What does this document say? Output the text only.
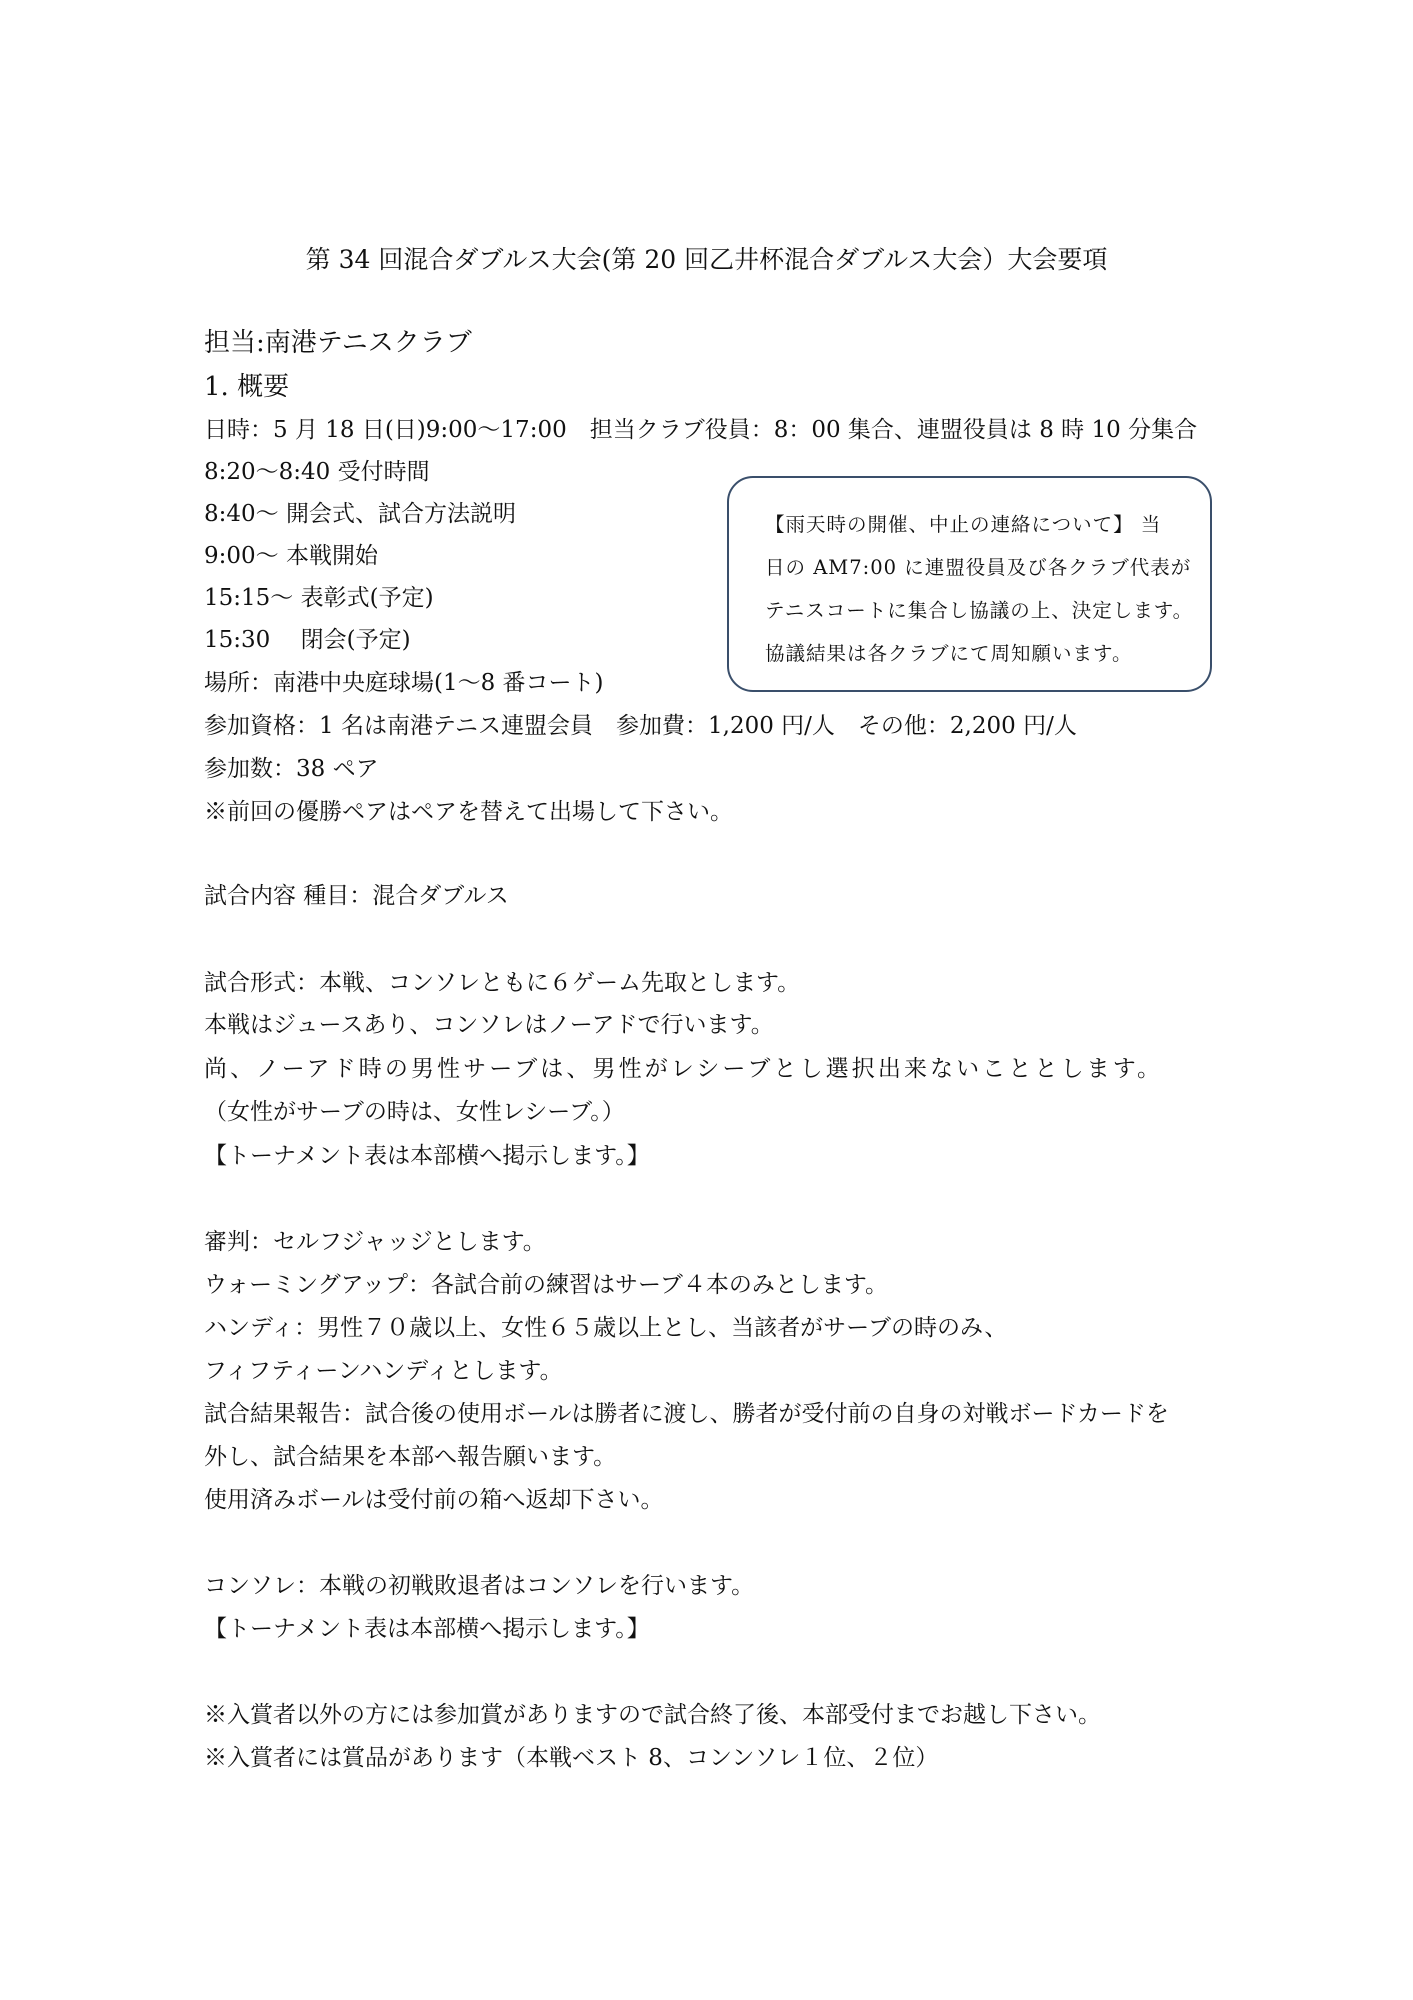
第 34 回混合ダブルス大会(第 20 回乙井杯混合ダブルス大会）大会要項
担当:南港テニスクラブ
1. 概要
日時：5 月 18 日(日)9:00～17:00　担当クラブ役員：8：00 集合、連盟役員は 8 時 10 分集合
8:20～8:40 受付時間
8:40～ 開会式、試合方法説明
9:00～ 本戦開始
15:15～ 表彰式(予定)
15:30　 閉会(予定)
場所：南港中央庭球場(1～8 番コート)
参加資格：1 名は南港テニス連盟会員　参加費：1,200 円/人　その他：2,200 円/人
参加数：38 ペア
※前回の優勝ペアはペアを替えて出場して下さい。

【雨天時の開催、中止の連絡について】 当

日の AM7:00 に連盟役員及び各クラブ代表が

テニスコートに集合し協議の上、決定します。

協議結果は各クラブにて周知願います。

試合内容 種目：混合ダブルス
試合形式：本戦、コンソレともに６ゲーム先取とします。
本戦はジュースあり、コンソレはノーアドで行います。
尚、ノーアド時の男性サーブは、男性がレシーブとし選択出来ないこととします。
（女性がサーブの時は、女性レシーブ。）
【トーナメント表は本部横へ掲示します。】
審判：セルフジャッジとします。
ウォーミングアップ：各試合前の練習はサーブ４本のみとします。
ハンディ：男性７０歳以上、女性６５歳以上とし、当該者がサーブの時のみ、
フィフティーンハンディとします。
試合結果報告：試合後の使用ボールは勝者に渡し、勝者が受付前の自身の対戦ボードカードを
外し、試合結果を本部へ報告願います。
使用済みボールは受付前の箱へ返却下さい。
コンソレ：本戦の初戦敗退者はコンソレを行います。
【トーナメント表は本部横へ掲示します。】
※入賞者以外の方には参加賞がありますので試合終了後、本部受付までお越し下さい。
※入賞者には賞品があります（本戦ベスト 8、コンンソレ１位、２位）
